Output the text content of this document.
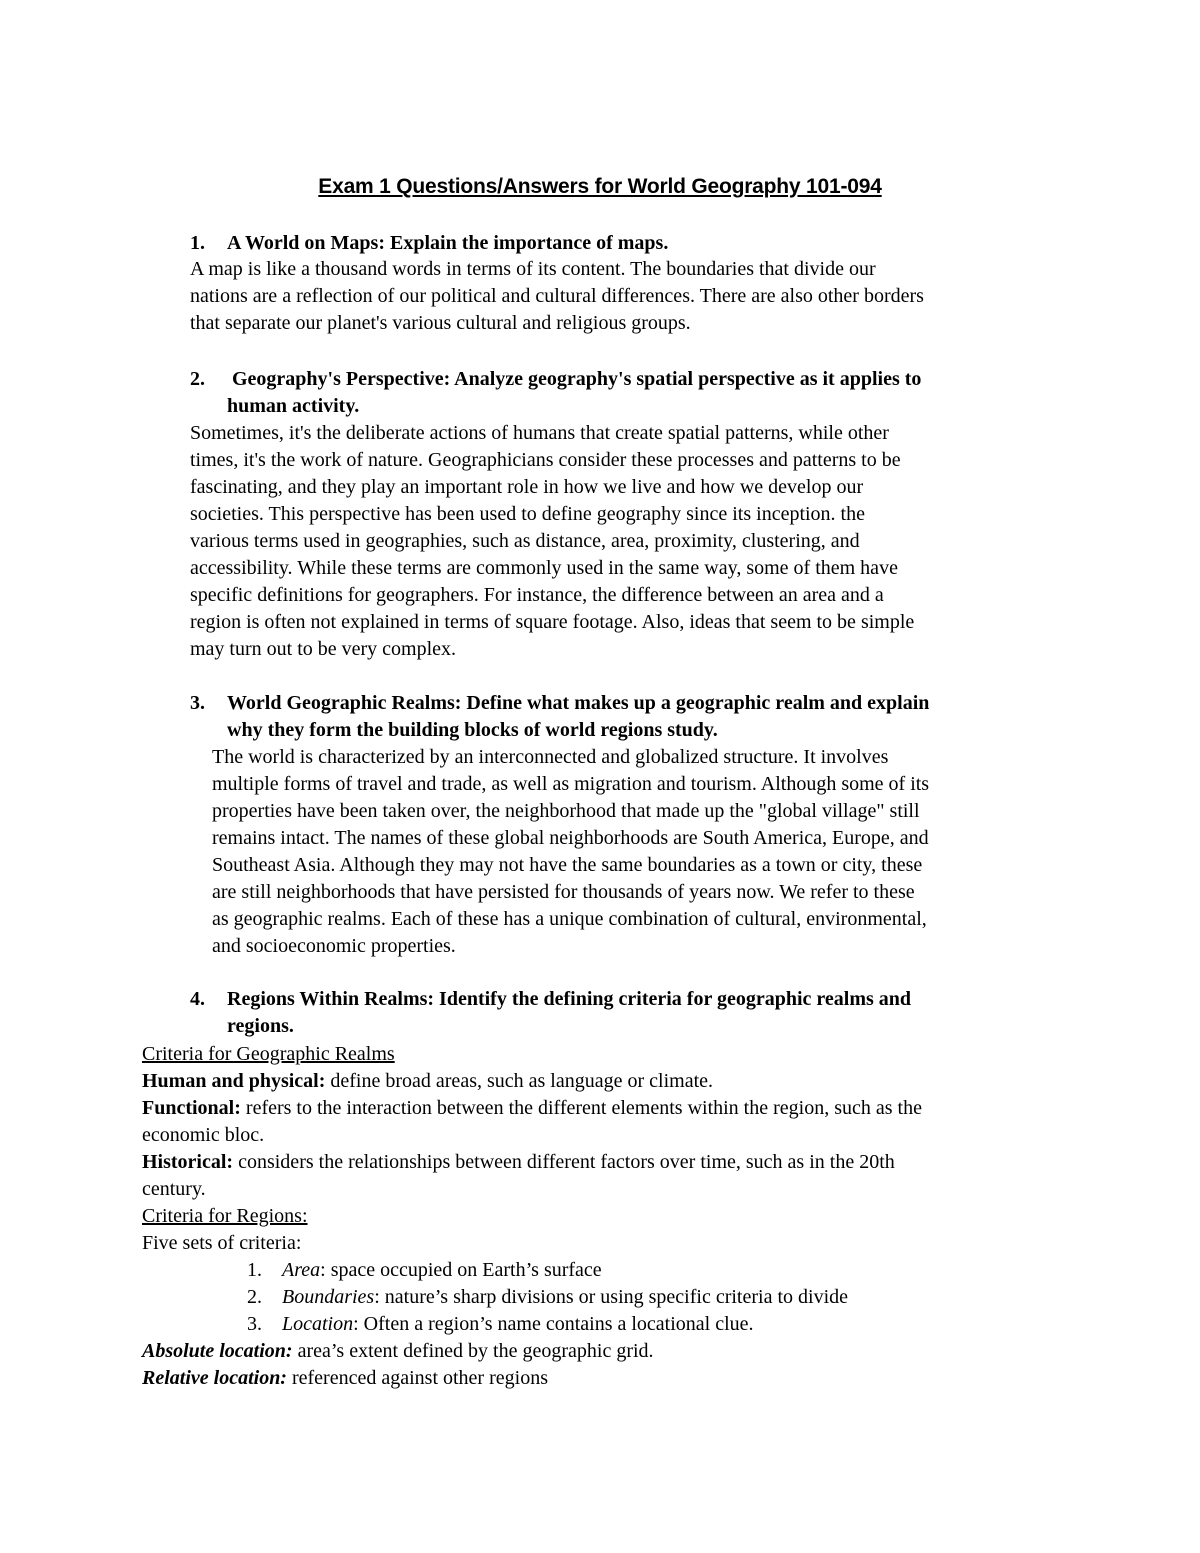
Exam 1 Questions/Answers for World Geography 101-094
1. A World on Maps: Explain the importance of maps.
A map is like a thousand words in terms of its content. The boundaries that divide our
nations are a reflection of our political and cultural differences. There are also other borders
that separate our planet's various cultural and religious groups.
2. Geography's Perspective: Analyze geography's spatial perspective as it applies to
human activity.
Sometimes, it's the deliberate actions of humans that create spatial patterns, while other
times, it's the work of nature. Geographicians consider these processes and patterns to be
fascinating, and they play an important role in how we live and how we develop our
societies. This perspective has been used to define geography since its inception. the
various terms used in geographies, such as distance, area, proximity, clustering, and
accessibility. While these terms are commonly used in the same way, some of them have
specific definitions for geographers. For instance, the difference between an area and a
region is often not explained in terms of square footage. Also, ideas that seem to be simple
may turn out to be very complex.
3. World Geographic Realms: Define what makes up a geographic realm and explain
why they form the building blocks of world regions study.
The world is characterized by an interconnected and globalized structure. It involves
multiple forms of travel and trade, as well as migration and tourism. Although some of its
properties have been taken over, the neighborhood that made up the "global village" still
remains intact. The names of these global neighborhoods are South America, Europe, and
Southeast Asia. Although they may not have the same boundaries as a town or city, these
are still neighborhoods that have persisted for thousands of years now. We refer to these
as geographic realms. Each of these has a unique combination of cultural, environmental,
and socioeconomic properties.
4. Regions Within Realms: Identify the defining criteria for geographic realms and
regions.
Criteria for Geographic Realms
Human and physical: define broad areas, such as language or climate.
Functional: refers to the interaction between the different elements within the region, such as the
economic bloc.
Historical: considers the relationships between different factors over time, such as in the 20th
century.
Criteria for Regions:
Five sets of criteria:
1. Area: space occupied on Earth’s surface
2. Boundaries: nature’s sharp divisions or using specific criteria to divide
3. Location: Often a region’s name contains a locational clue.
Absolute location: area’s extent defined by the geographic grid.
Relative location: referenced against other regions
